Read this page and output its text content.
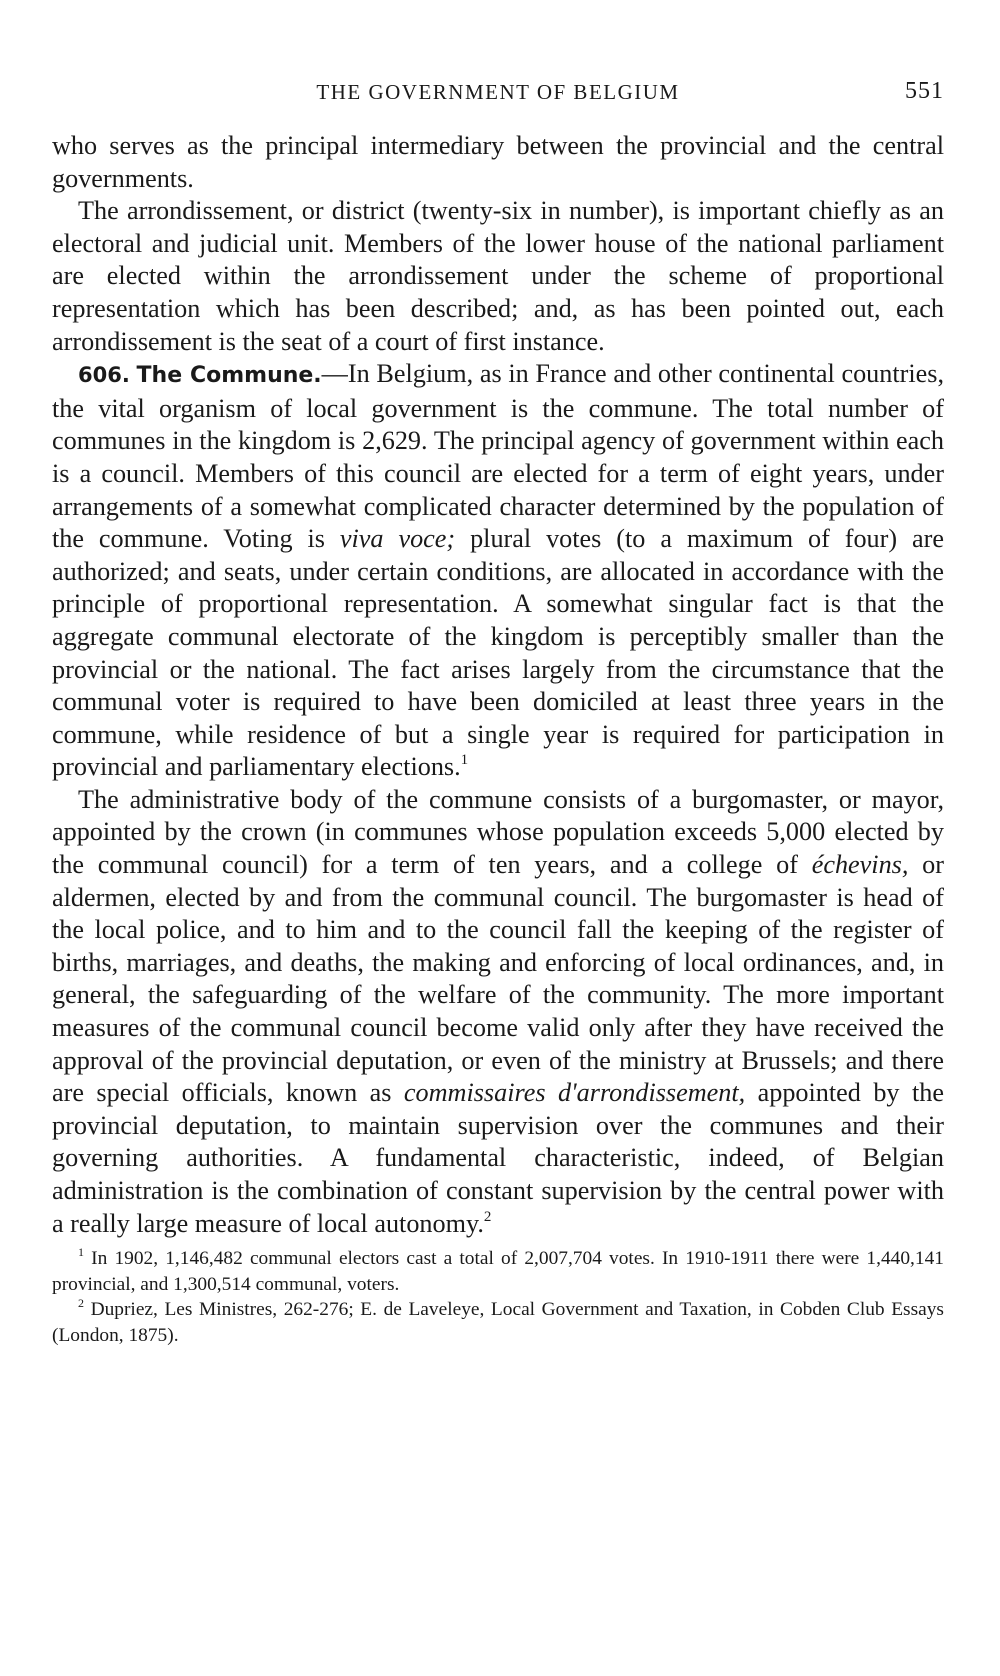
THE GOVERNMENT OF BELGIUM	551

who serves as the principal intermediary between the provincial and the central governments.

The arrondissement, or district (twenty-six in number), is important chiefly as an electoral and judicial unit. Members of the lower house of the national parliament are elected within the arrondissement under the scheme of proportional representation which has been described; and, as has been pointed out, each arrondissement is the seat of a court of first instance.

606. The Commune.—In Belgium, as in France and other continental countries, the vital organism of local government is the commune. The total number of communes in the kingdom is 2,629. The principal agency of government within each is a council. Members of this council are elected for a term of eight years, under arrangements of a somewhat complicated character determined by the population of the commune. Voting is viva voce; plural votes (to a maximum of four) are authorized; and seats, under certain conditions, are allocated in accordance with the principle of proportional representation. A somewhat singular fact is that the aggregate communal electorate of the kingdom is perceptibly smaller than the provincial or the national. The fact arises largely from the circumstance that the communal voter is required to have been domiciled at least three years in the commune, while residence of but a single year is required for participation in provincial and parliamentary elections.$^1$

The administrative body of the commune consists of a burgomaster, or mayor, appointed by the crown (in communes whose population exceeds 5,000 elected by the communal council) for a term of ten years, and a college of échevins, or aldermen, elected by and from the communal council. The burgomaster is head of the local police, and to him and to the council fall the keeping of the register of births, marriages, and deaths, the making and enforcing of local ordinances, and, in general, the safeguarding of the welfare of the community. The more important measures of the communal council become valid only after they have received the approval of the provincial deputation, or even of the ministry at Brussels; and there are special officials, known as commissaires d'arrondissement, appointed by the provincial deputation, to maintain supervision over the communes and their governing authorities. A fundamental characteristic, indeed, of Belgian administration is the combination of constant supervision by the central power with a really large measure of local autonomy.$^2$

$^1$ In 1902, 1,146,482 communal electors cast a total of 2,007,704 votes. In 1910-1911 there were 1,440,141 provincial, and 1,300,514 communal, voters.

$^2$ Dupriez, Les Ministres, 262-276; E. de Laveleye, Local Government and Taxation, in Cobden Club Essays (London, 1875).
